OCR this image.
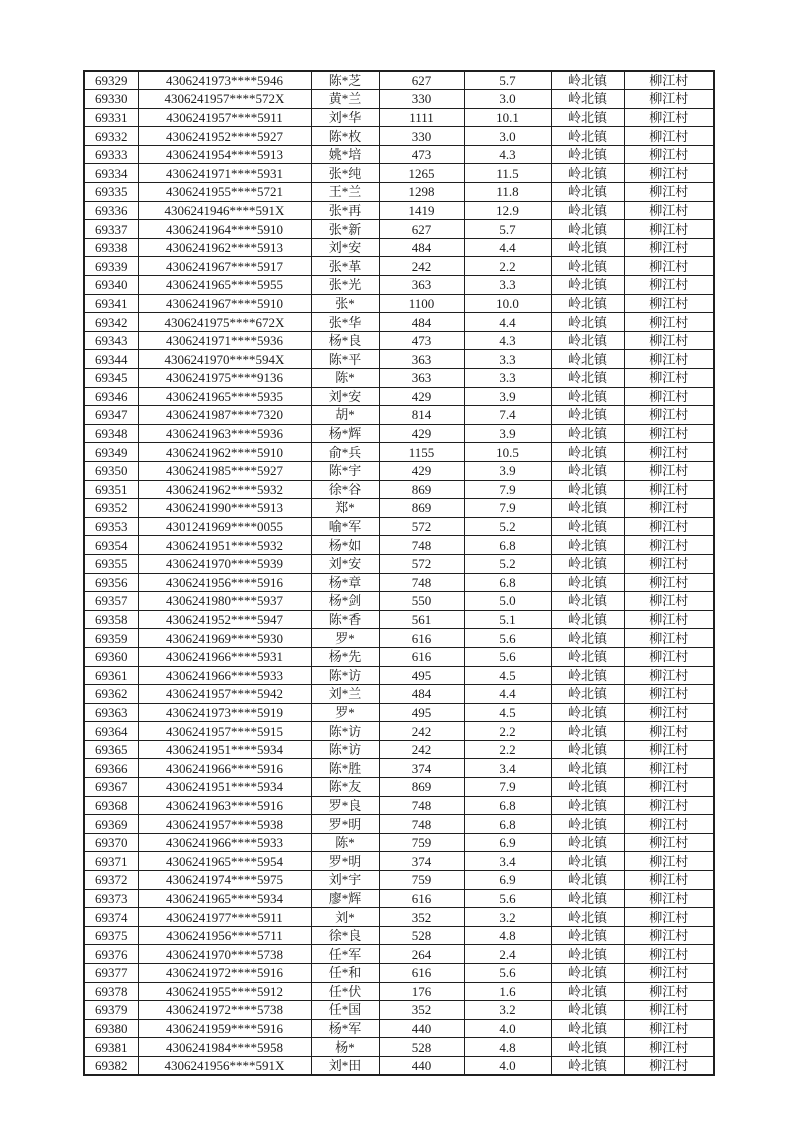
69329	4306241973****5946	陈*芝	627	5.7	岭北镇	柳江村
69330	4306241957****572X	黄*兰	330	3.0	岭北镇	柳江村
69331	4306241957****5911	刘*华	1111	10.1	岭北镇	柳江村
69332	4306241952****5927	陈*枚	330	3.0	岭北镇	柳江村
69333	4306241954****5913	姚*培	473	4.3	岭北镇	柳江村
69334	4306241971****5931	张*纯	1265	11.5	岭北镇	柳江村
69335	4306241955****5721	王*兰	1298	11.8	岭北镇	柳江村
69336	4306241946****591X	张*再	1419	12.9	岭北镇	柳江村
69337	4306241964****5910	张*新	627	5.7	岭北镇	柳江村
69338	4306241962****5913	刘*安	484	4.4	岭北镇	柳江村
69339	4306241967****5917	张*革	242	2.2	岭北镇	柳江村
69340	4306241965****5955	张*光	363	3.3	岭北镇	柳江村
69341	4306241967****5910	张*	1100	10.0	岭北镇	柳江村
69342	4306241975****672X	张*华	484	4.4	岭北镇	柳江村
69343	4306241971****5936	杨*良	473	4.3	岭北镇	柳江村
69344	4306241970****594X	陈*平	363	3.3	岭北镇	柳江村
69345	4306241975****9136	陈*	363	3.3	岭北镇	柳江村
69346	4306241965****5935	刘*安	429	3.9	岭北镇	柳江村
69347	4306241987****7320	胡*	814	7.4	岭北镇	柳江村
69348	4306241963****5936	杨*辉	429	3.9	岭北镇	柳江村
69349	4306241962****5910	俞*兵	1155	10.5	岭北镇	柳江村
69350	4306241985****5927	陈*宇	429	3.9	岭北镇	柳江村
69351	4306241962****5932	徐*谷	869	7.9	岭北镇	柳江村
69352	4306241990****5913	郑*	869	7.9	岭北镇	柳江村
69353	4301241969****0055	喻*军	572	5.2	岭北镇	柳江村
69354	4306241951****5932	杨*如	748	6.8	岭北镇	柳江村
69355	4306241970****5939	刘*安	572	5.2	岭北镇	柳江村
69356	4306241956****5916	杨*章	748	6.8	岭北镇	柳江村
69357	4306241980****5937	杨*剑	550	5.0	岭北镇	柳江村
69358	4306241952****5947	陈*香	561	5.1	岭北镇	柳江村
69359	4306241969****5930	罗*	616	5.6	岭北镇	柳江村
69360	4306241966****5931	杨*先	616	5.6	岭北镇	柳江村
69361	4306241966****5933	陈*访	495	4.5	岭北镇	柳江村
69362	4306241957****5942	刘*兰	484	4.4	岭北镇	柳江村
69363	4306241973****5919	罗*	495	4.5	岭北镇	柳江村
69364	4306241957****5915	陈*访	242	2.2	岭北镇	柳江村
69365	4306241951****5934	陈*访	242	2.2	岭北镇	柳江村
69366	4306241966****5916	陈*胜	374	3.4	岭北镇	柳江村
69367	4306241951****5934	陈*友	869	7.9	岭北镇	柳江村
69368	4306241963****5916	罗*良	748	6.8	岭北镇	柳江村
69369	4306241957****5938	罗*明	748	6.8	岭北镇	柳江村
69370	4306241966****5933	陈*	759	6.9	岭北镇	柳江村
69371	4306241965****5954	罗*明	374	3.4	岭北镇	柳江村
69372	4306241974****5975	刘*宇	759	6.9	岭北镇	柳江村
69373	4306241965****5934	廖*辉	616	5.6	岭北镇	柳江村
69374	4306241977****5911	刘*	352	3.2	岭北镇	柳江村
69375	4306241956****5711	徐*良	528	4.8	岭北镇	柳江村
69376	4306241970****5738	任*军	264	2.4	岭北镇	柳江村
69377	4306241972****5916	任*和	616	5.6	岭北镇	柳江村
69378	4306241955****5912	任*伏	176	1.6	岭北镇	柳江村
69379	4306241972****5738	任*国	352	3.2	岭北镇	柳江村
69380	4306241959****5916	杨*军	440	4.0	岭北镇	柳江村
69381	4306241984****5958	杨*	528	4.8	岭北镇	柳江村
69382	4306241956****591X	刘*田	440	4.0	岭北镇	柳江村
